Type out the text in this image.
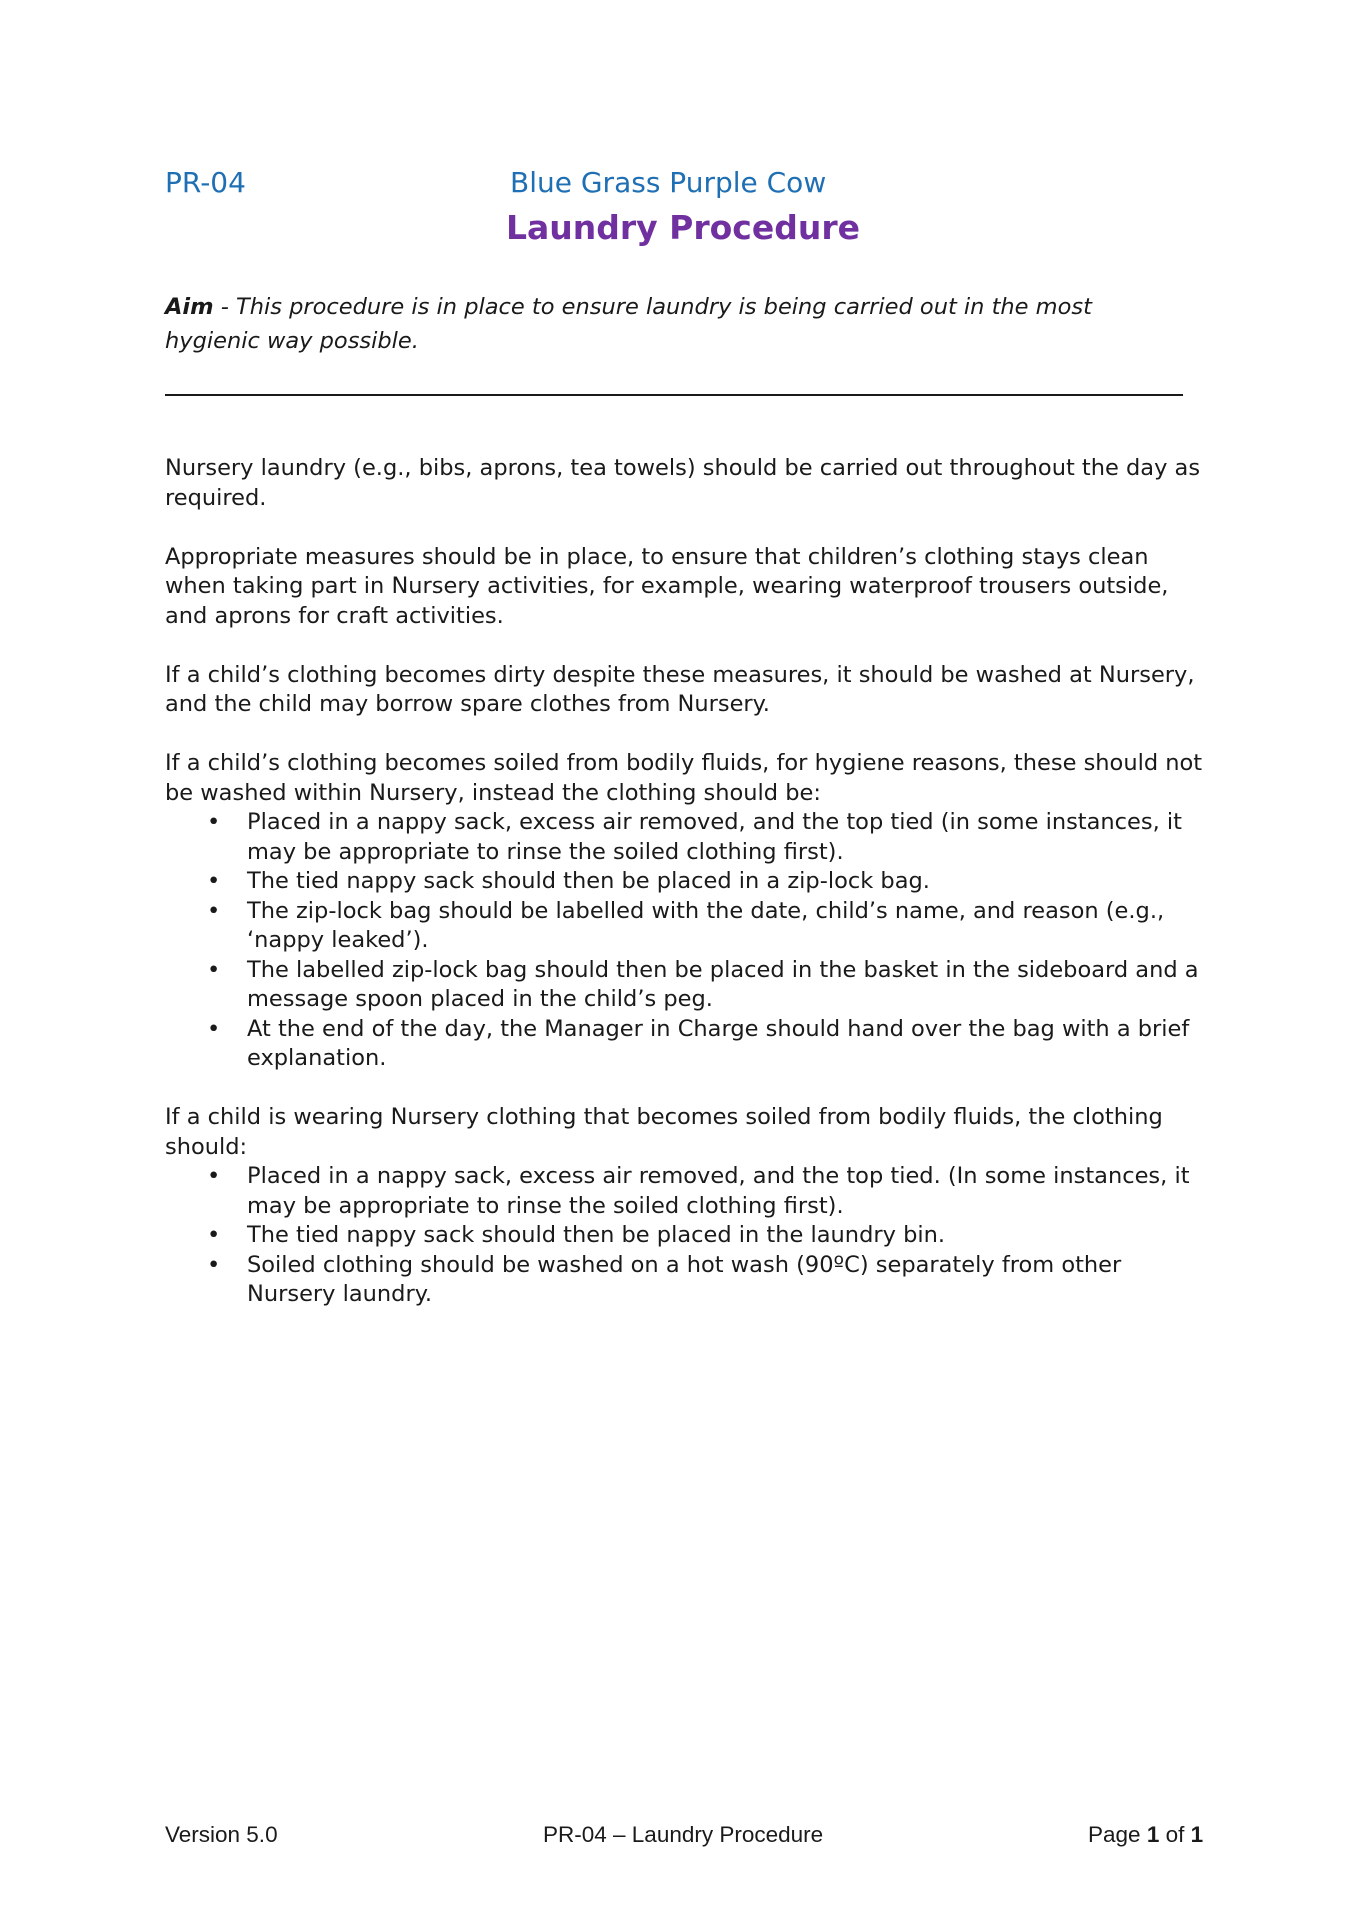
PR-04	Blue Grass Purple Cow
Laundry Procedure
Aim - This procedure is in place to ensure laundry is being carried out in the most hygienic way possible.

Nursery laundry (e.g., bibs, aprons, tea towels) should be carried out throughout the day as required.

Appropriate measures should be in place, to ensure that children’s clothing stays clean when taking part in Nursery activities, for example, wearing waterproof trousers outside, and aprons for craft activities.

If a child’s clothing becomes dirty despite these measures, it should be washed at Nursery, and the child may borrow spare clothes from Nursery.

If a child’s clothing becomes soiled from bodily fluids, for hygiene reasons, these should not be washed within Nursery, instead the clothing should be:

• Placed in a nappy sack, excess air removed, and the top tied (in some instances, it may be appropriate to rinse the soiled clothing first).
• The tied nappy sack should then be placed in a zip-lock bag.
• The zip-lock bag should be labelled with the date, child’s name, and reason (e.g., ‘nappy leaked’).
• The labelled zip-lock bag should then be placed in the basket in the sideboard and a message spoon placed in the child’s peg.
• At the end of the day, the Manager in Charge should hand over the bag with a brief explanation.

If a child is wearing Nursery clothing that becomes soiled from bodily fluids, the clothing should:

• Placed in a nappy sack, excess air removed, and the top tied. (In some instances, it may be appropriate to rinse the soiled clothing first).
• The tied nappy sack should then be placed in the laundry bin.
• Soiled clothing should be washed on a hot wash (90ºC) separately from other Nursery laundry.
Version 5.0	PR-04 – Laundry Procedure	Page 1 of 1
